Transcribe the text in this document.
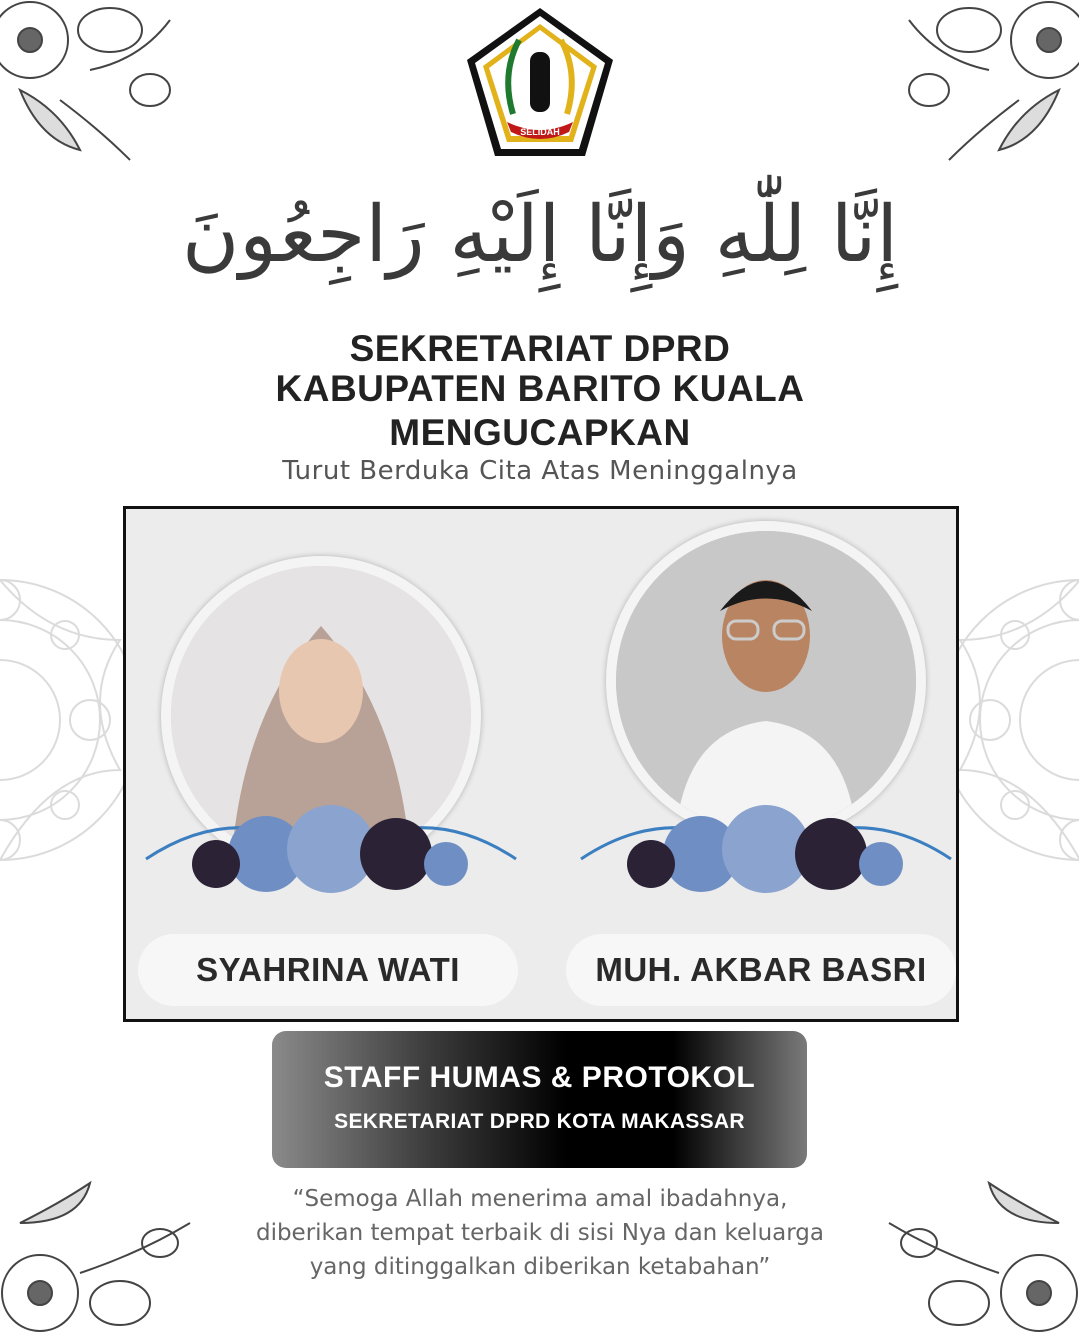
SELIDAH
إِنَّا لِلّٰهِ وَإِنَّا إِلَيْهِ رَاجِعُونَ
SEKRETARIAT DPRD
KABUPATEN BARITO KUALA
MENGUCAPKAN
Turut Berduka Cita Atas Meninggalnya
SYAHRINA WATI	MUH. AKBAR BASRI
STAFF HUMAS & PROTOKOL
SEKRETARIAT DPRD KOTA MAKASSAR
“Semoga Allah menerima amal ibadahnya,
diberikan tempat terbaik di sisi Nya dan keluarga
yang ditinggalkan diberikan ketabahan”
